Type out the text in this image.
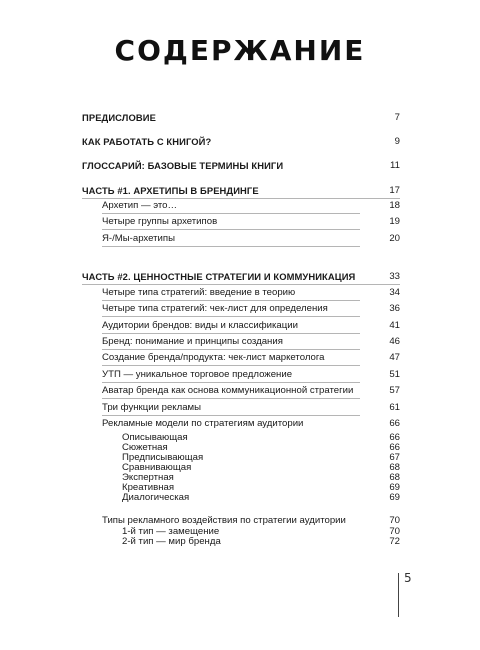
СОДЕРЖАНИЕ
ПРЕДИСЛОВИЕ	7
КАК РАБОТАТЬ С КНИГОЙ?	9
ГЛОССАРИЙ: БАЗОВЫЕ ТЕРМИНЫ КНИГИ	11
ЧАСТЬ #1. АРХЕТИПЫ В БРЕНДИНГЕ	17
Архетип — это…	18
Четыре группы архетипов	19
Я-/Мы-архетипы	20
ЧАСТЬ #2. ЦЕННОСТНЫЕ СТРАТЕГИИ И КОММУНИКАЦИЯ	33
Четыре типа стратегий: введение в теорию	34
Четыре типа стратегий: чек-лист для определения	36
Аудитории брендов: виды и классификации	41
Бренд: понимание и принципы создания	46
Создание бренда/продукта: чек-лист маркетолога	47
УТП — уникальное торговое предложение	51
Аватар бренда как основа коммуникационной стратегии	57
Три функции рекламы	61
Рекламные модели по стратегиям аудитории	66
Описывающая	66
Сюжетная	66
Предписывающая	67
Сравнивающая	68
Экспертная	68
Креативная	69
Диалогическая	69
Типы рекламного воздействия по стратегии аудитории	70
1-й тип — замещение	70
2-й тип — мир бренда	72
5
